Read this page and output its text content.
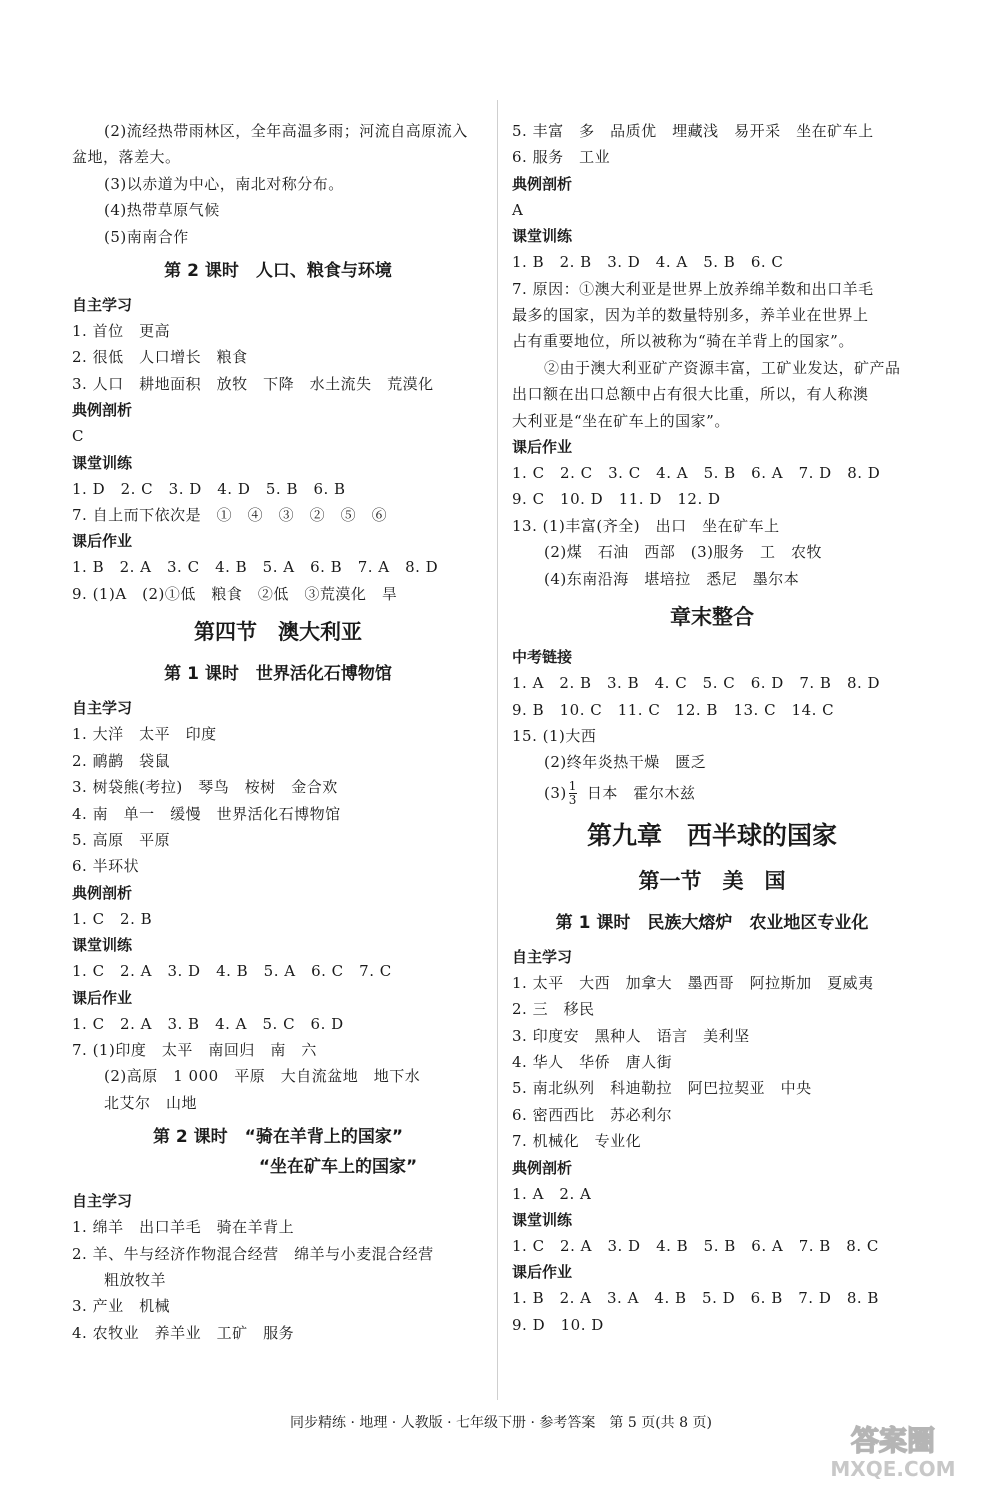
(2)流经热带雨林区，全年高温多雨；河流自高原流入
盆地，落差大。
(3)以赤道为中心，南北对称分布。
(4)热带草原气候
(5)南南合作
第 2 课时　人口、粮食与环境
自主学习
1. 首位　更高
2. 很低　人口增长　粮食
3. 人口　耕地面积　放牧　下降　水土流失　荒漠化
典例剖析
C
课堂训练
1. D　2. C　3. D　4. D　5. B　6. B
7. 自上而下依次是　①　④　③　②　⑤　⑥
课后作业
1. B　2. A　3. C　4. B　5. A　6. B　7. A　8. D
9. (1)A　(2)①低　粮食　②低　③荒漠化　旱
第四节　澳大利亚
第 1 课时　世界活化石博物馆
自主学习
1. 大洋　太平　印度
2. 鸸鹋　袋鼠
3. 树袋熊(考拉)　琴鸟　桉树　金合欢
4. 南　单一　缓慢　世界活化石博物馆
5. 高原　平原
6. 半环状
典例剖析
1. C　2. B
课堂训练
1. C　2. A　3. D　4. B　5. A　6. C　7. C
课后作业
1. C　2. A　3. B　4. A　5. C　6. D
7. (1)印度　太平　南回归　南　六
(2)高原　1 000　平原　大自流盆地　地下水
北艾尔　山地
第 2 课时　“骑在羊背上的国家”
“坐在矿车上的国家”
自主学习
1. 绵羊　出口羊毛　骑在羊背上
2. 羊、牛与经济作物混合经营　绵羊与小麦混合经营
粗放牧羊
3. 产业　机械
4. 农牧业　养羊业　工矿　服务
5. 丰富　多　品质优　埋藏浅　易开采　坐在矿车上
6. 服务　工业
典例剖析
A
课堂训练
1. B　2. B　3. D　4. A　5. B　6. C
7. 原因：①澳大利亚是世界上放养绵羊数和出口羊毛
最多的国家，因为羊的数量特别多，养羊业在世界上
占有重要地位，所以被称为“骑在羊背上的国家”。
②由于澳大利亚矿产资源丰富，工矿业发达，矿产品
出口额在出口总额中占有很大比重，所以，有人称澳
大利亚是“坐在矿车上的国家”。
课后作业
1. C　2. C　3. C　4. A　5. B　6. A　7. D　8. D
9. C　10. D　11. D　12. D
13. (1)丰富(齐全)　出口　坐在矿车上
(2)煤　石油　西部　(3)服务　工　农牧
(4)东南沿海　堪培拉　悉尼　墨尔本
章末整合
中考链接
1. A　2. B　3. B　4. C　5. C　6. D　7. B　8. D
9. B　10. C　11. C　12. B　13. C　14. C
15. (1)大西
(2)终年炎热干燥　匮乏
$(3) \frac{1}{3}$ 日本　霍尔木兹
第九章　西半球的国家
第一节　美　国
第 1 课时　民族大熔炉　农业地区专业化
自主学习
1. 太平　大西　加拿大　墨西哥　阿拉斯加　夏威夷
2. 三　移民
3. 印度安　黑种人　语言　美利坚
4. 华人　华侨　唐人街
5. 南北纵列　科迪勒拉　阿巴拉契亚　中央
6. 密西西比　苏必利尔
7. 机械化　专业化
典例剖析
1. A　2. A
课堂训练
1. C　2. A　3. D　4. B　5. B　6. A　7. B　8. C
课后作业
1. B　2. A　3. A　4. B　5. D　6. B　7. D　8. B
9. D　10. D
同步精练 · 地理 · 人教版 · 七年级下册 · 参考答案　第 5 页(共 8 页)
答案圈
MXQE.COM
